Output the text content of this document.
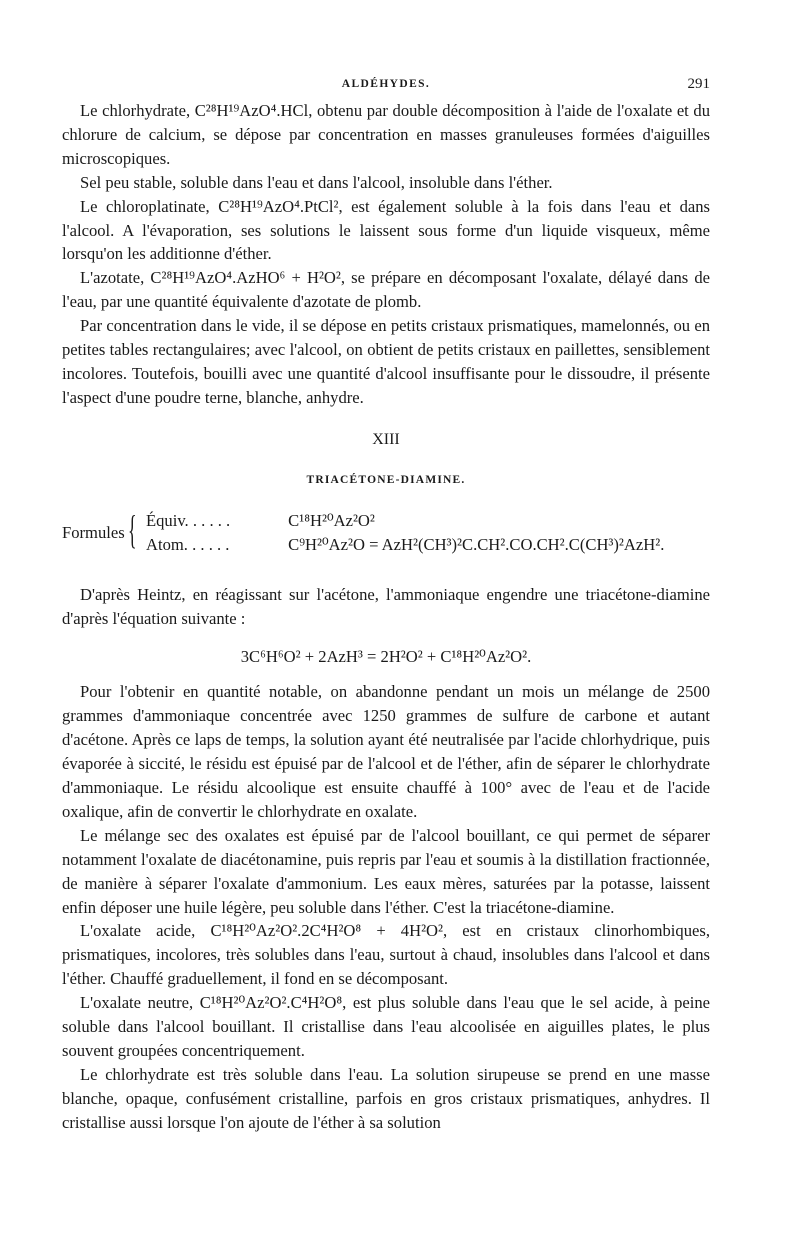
ALDÉHYDES.	291

Le chlorhydrate, C²⁸H¹⁹AzO⁴.HCl, obtenu par double décomposition à l'aide de l'oxalate et du chlorure de calcium, se dépose par concentration en masses granuleuses formées d'aiguilles microscopiques.

Sel peu stable, soluble dans l'eau et dans l'alcool, insoluble dans l'éther.

Le chloroplatinate, C²⁸H¹⁹AzO⁴.PtCl², est également soluble à la fois dans l'eau et dans l'alcool. A l'évaporation, ses solutions le laissent sous forme d'un liquide visqueux, même lorsqu'on les additionne d'éther.

L'azotate, C²⁸H¹⁹AzO⁴.AzHO⁶ + H²O², se prépare en décomposant l'oxalate, délayé dans de l'eau, par une quantité équivalente d'azotate de plomb.

Par concentration dans le vide, il se dépose en petits cristaux prismatiques, mamelonnés, ou en petites tables rectangulaires; avec l'alcool, on obtient de petits cristaux en paillettes, sensiblement incolores. Toutefois, bouilli avec une quantité d'alcool insuffisante pour le dissoudre, il présente l'aspect d'une poudre terne, blanche, anhydre.

XIII
TRIACÉTONE-DIAMINE.
Formules { Équiv. . . . . .	C¹⁸H²⁰Az²O²
Atom. . . . . .	C⁹H²⁰Az²O = AzH²(CH³)²C.CH².CO.CH².C(CH³)²AzH².

D'après Heintz, en réagissant sur l'acétone, l'ammoniaque engendre une triacétone-diamine d'après l'équation suivante :

3C⁶H⁶O² + 2AzH³ = 2H²O² + C¹⁸H²⁰Az²O².

Pour l'obtenir en quantité notable, on abandonne pendant un mois un mélange de 2500 grammes d'ammoniaque concentrée avec 1250 grammes de sulfure de carbone et autant d'acétone. Après ce laps de temps, la solution ayant été neutralisée par l'acide chlorhydrique, puis évaporée à siccité, le résidu est épuisé par de l'alcool et de l'éther, afin de séparer le chlorhydrate d'ammoniaque. Le résidu alcoolique est ensuite chauffé à 100° avec de l'eau et de l'acide oxalique, afin de convertir le chlorhydrate en oxalate.

Le mélange sec des oxalates est épuisé par de l'alcool bouillant, ce qui permet de séparer notamment l'oxalate de diacétonamine, puis repris par l'eau et soumis à la distillation fractionnée, de manière à séparer l'oxalate d'ammonium. Les eaux mères, saturées par la potasse, laissent enfin déposer une huile légère, peu soluble dans l'éther. C'est la triacétone-diamine.

L'oxalate acide, C¹⁸H²⁰Az²O².2C⁴H²O⁸ + 4H²O², est en cristaux clinorhombiques, prismatiques, incolores, très solubles dans l'eau, surtout à chaud, insolubles dans l'alcool et dans l'éther. Chauffé graduellement, il fond en se décomposant.

L'oxalate neutre, C¹⁸H²⁰Az²O².C⁴H²O⁸, est plus soluble dans l'eau que le sel acide, à peine soluble dans l'alcool bouillant. Il cristallise dans l'eau alcoolisée en aiguilles plates, le plus souvent groupées concentriquement.

Le chlorhydrate est très soluble dans l'eau. La solution sirupeuse se prend en une masse blanche, opaque, confusément cristalline, parfois en gros cristaux prismatiques, anhydres. Il cristallise aussi lorsque l'on ajoute de l'éther à sa solution
